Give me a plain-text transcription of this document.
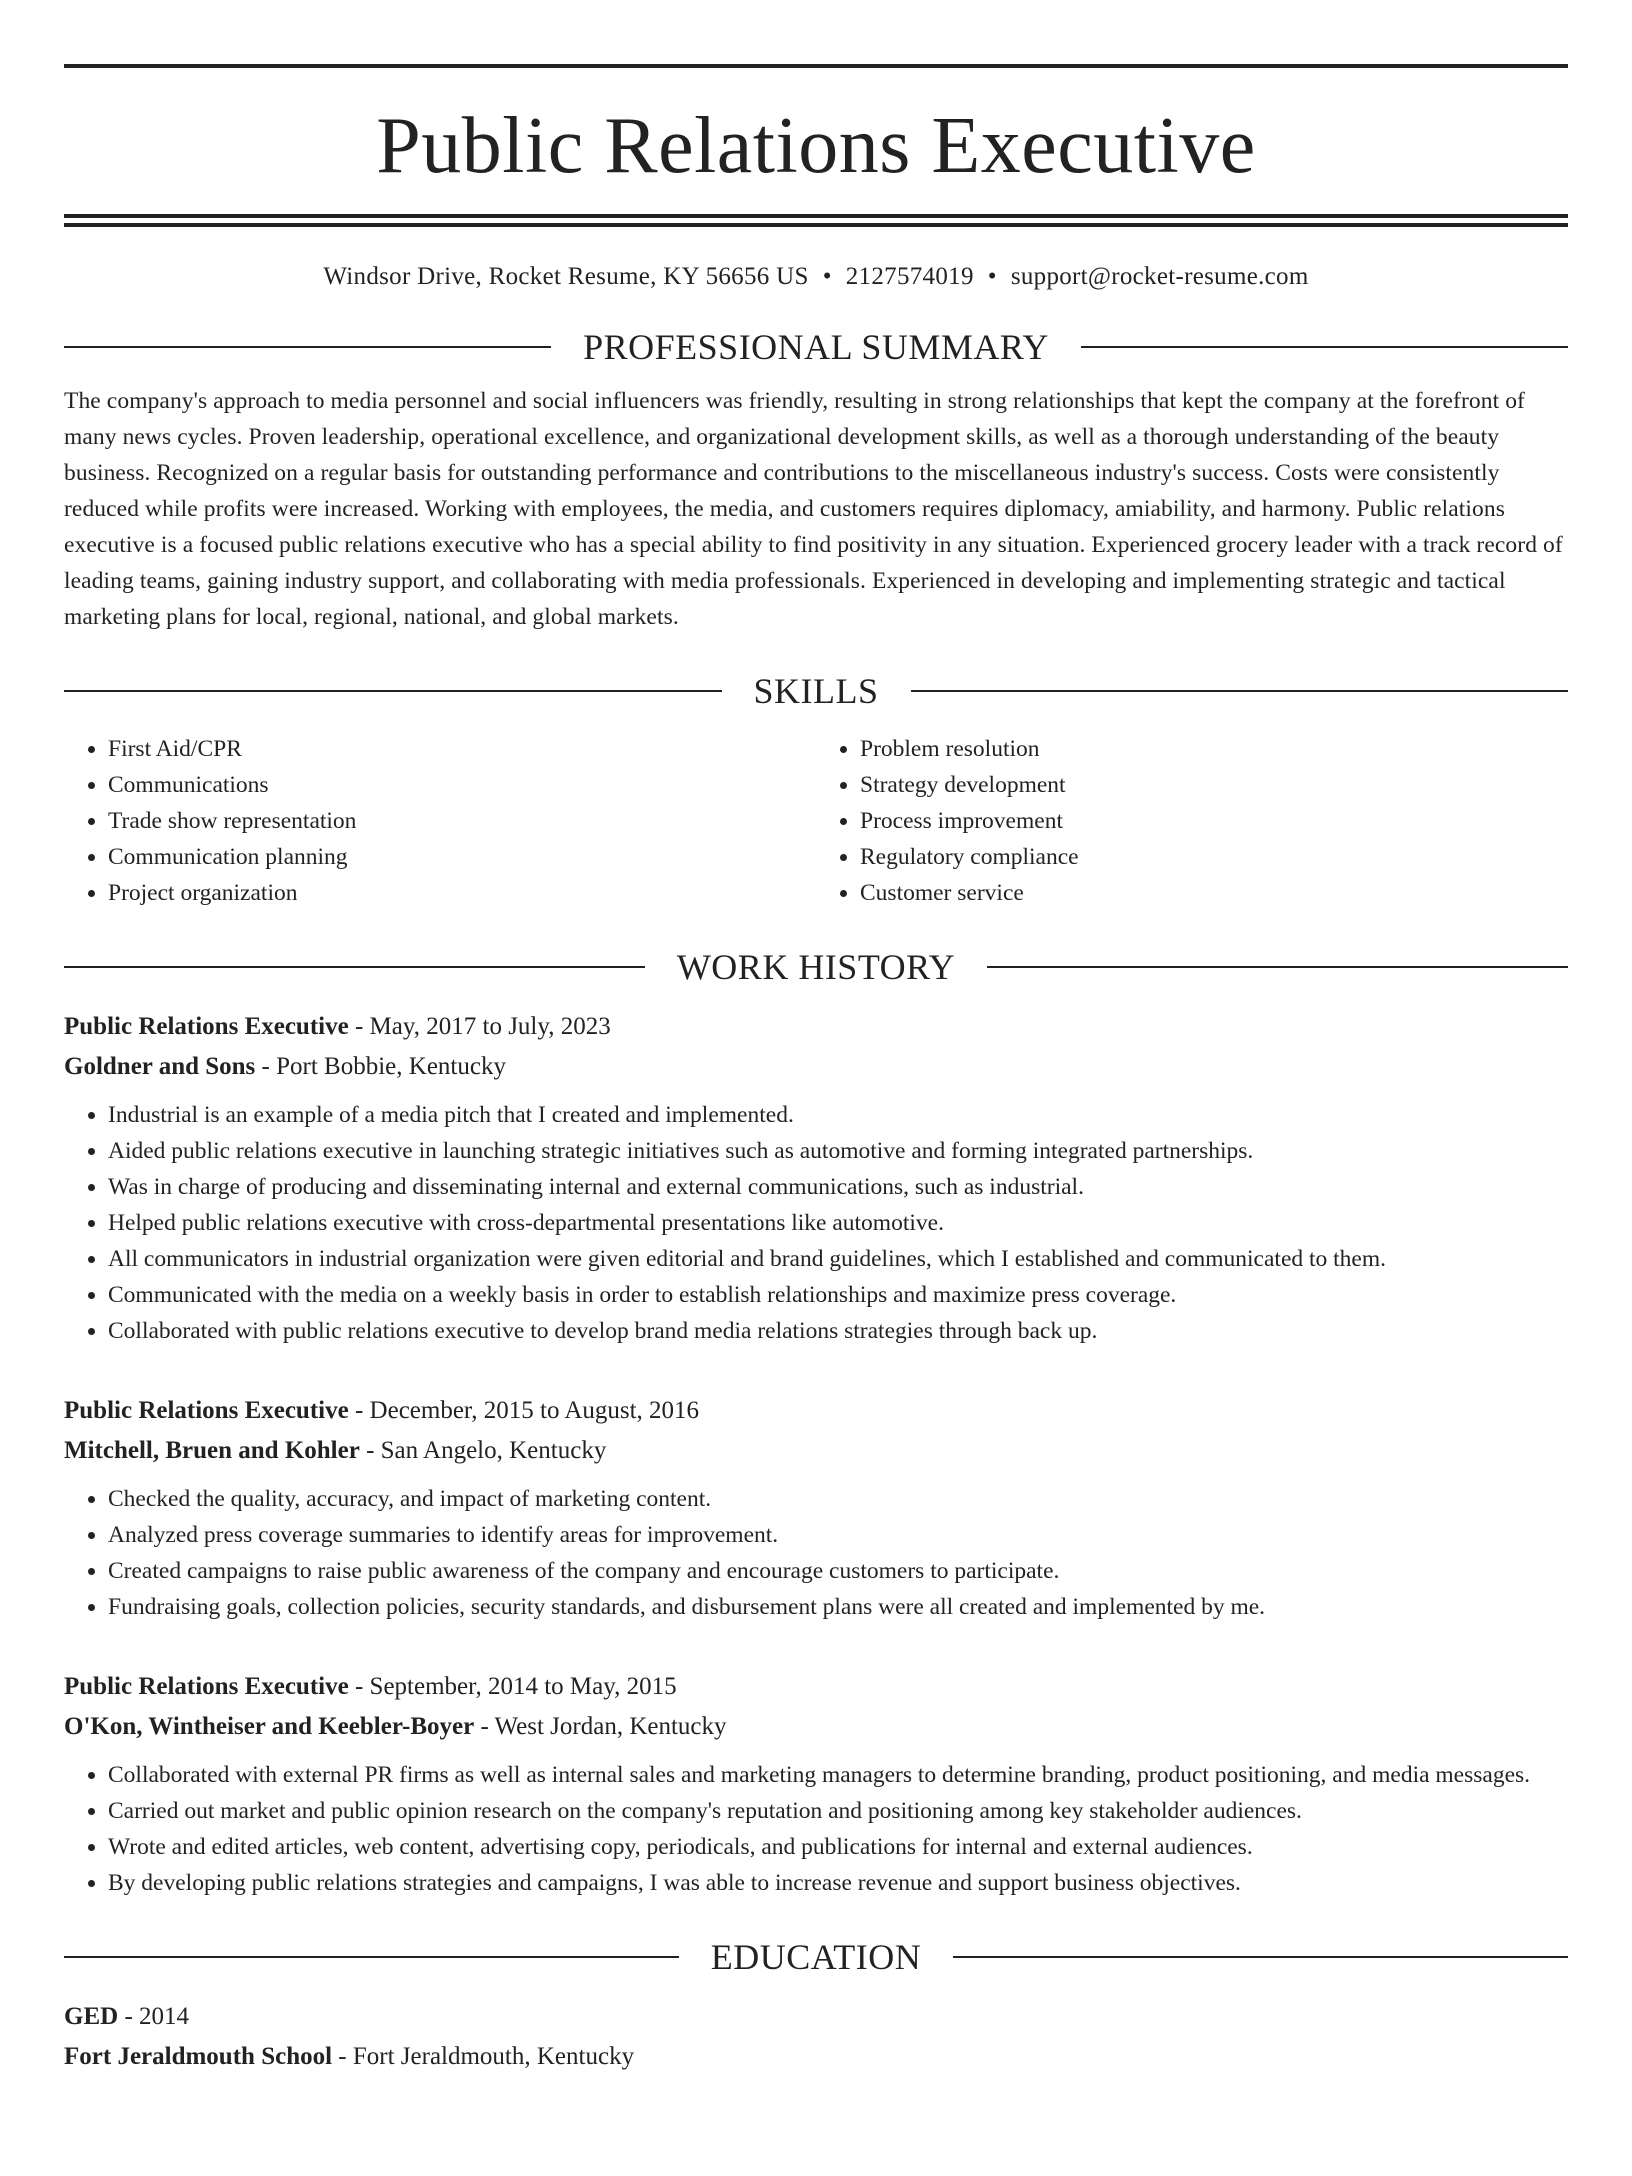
Public Relations Executive
Windsor Drive, Rocket Resume, KY 56656 US • 2127574019 • support@rocket-resume.com
PROFESSIONAL SUMMARY
The company's approach to media personnel and social influencers was friendly, resulting in strong relationships that kept the company at the forefront of many news cycles. Proven leadership, operational excellence, and organizational development skills, as well as a thorough understanding of the beauty business. Recognized on a regular basis for outstanding performance and contributions to the miscellaneous industry's success. Costs were consistently reduced while profits were increased. Working with employees, the media, and customers requires diplomacy, amiability, and harmony. Public relations executive is a focused public relations executive who has a special ability to find positivity in any situation. Experienced grocery leader with a track record of leading teams, gaining industry support, and collaborating with media professionals. Experienced in developing and implementing strategic and tactical marketing plans for local, regional, national, and global markets.
SKILLS
• First Aid/CPR
• Communications
• Trade show representation
• Communication planning
• Project organization
• Problem resolution
• Strategy development
• Process improvement
• Regulatory compliance
• Customer service
WORK HISTORY
Public Relations Executive - May, 2017 to July, 2023
Goldner and Sons - Port Bobbie, Kentucky
• Industrial is an example of a media pitch that I created and implemented.
• Aided public relations executive in launching strategic initiatives such as automotive and forming integrated partnerships.
• Was in charge of producing and disseminating internal and external communications, such as industrial.
• Helped public relations executive with cross-departmental presentations like automotive.
• All communicators in industrial organization were given editorial and brand guidelines, which I established and communicated to them.
• Communicated with the media on a weekly basis in order to establish relationships and maximize press coverage.
• Collaborated with public relations executive to develop brand media relations strategies through back up.
Public Relations Executive - December, 2015 to August, 2016
Mitchell, Bruen and Kohler - San Angelo, Kentucky
• Checked the quality, accuracy, and impact of marketing content.
• Analyzed press coverage summaries to identify areas for improvement.
• Created campaigns to raise public awareness of the company and encourage customers to participate.
• Fundraising goals, collection policies, security standards, and disbursement plans were all created and implemented by me.
Public Relations Executive - September, 2014 to May, 2015
O'Kon, Wintheiser and Keebler-Boyer - West Jordan, Kentucky
• Collaborated with external PR firms as well as internal sales and marketing managers to determine branding, product positioning, and media messages.
• Carried out market and public opinion research on the company's reputation and positioning among key stakeholder audiences.
• Wrote and edited articles, web content, advertising copy, periodicals, and publications for internal and external audiences.
• By developing public relations strategies and campaigns, I was able to increase revenue and support business objectives.
EDUCATION
GED - 2014
Fort Jeraldmouth School - Fort Jeraldmouth, Kentucky
